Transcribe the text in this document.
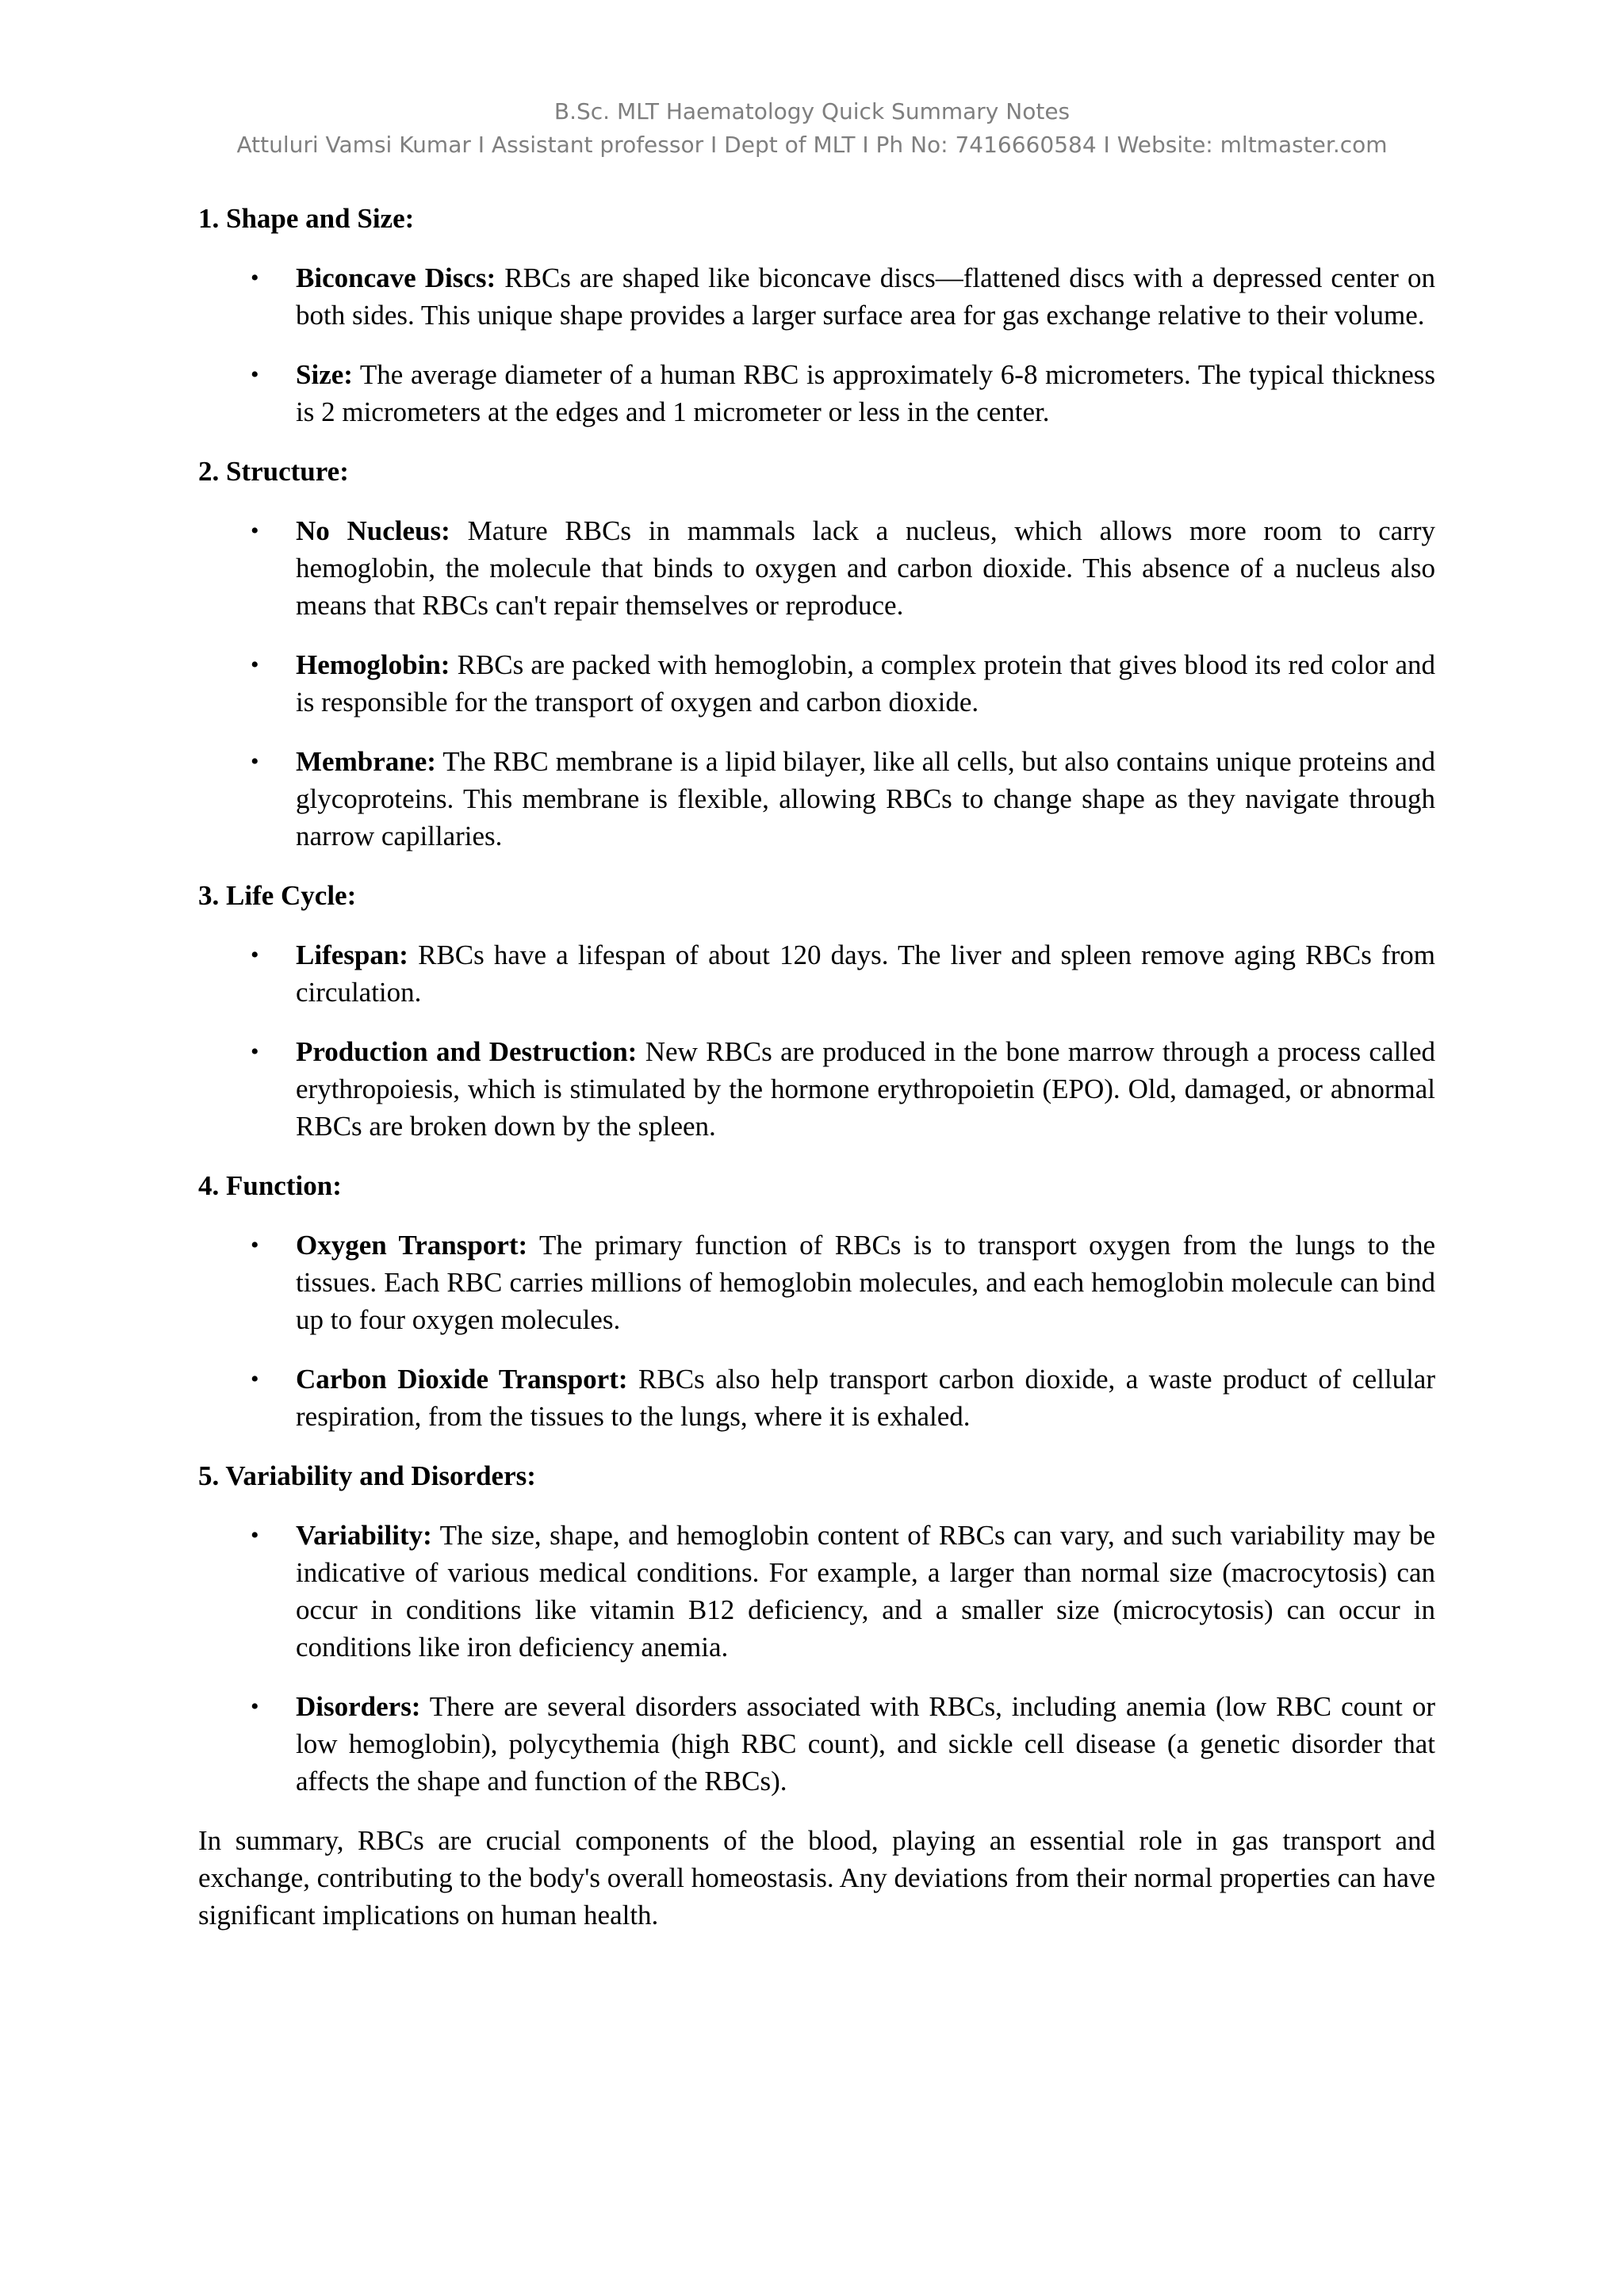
B.Sc. MLT Haematology Quick Summary Notes
Attuluri Vamsi Kumar I Assistant professor I Dept of MLT I Ph No: 7416660584 I Website: mltmaster.com
1. Shape and Size:
• Biconcave Discs: RBCs are shaped like biconcave discs—flattened discs with a depressed center on both sides. This unique shape provides a larger surface area for gas exchange relative to their volume.
• Size: The average diameter of a human RBC is approximately 6-8 micrometers. The typical thickness is 2 micrometers at the edges and 1 micrometer or less in the center.
2. Structure:
• No Nucleus: Mature RBCs in mammals lack a nucleus, which allows more room to carry hemoglobin, the molecule that binds to oxygen and carbon dioxide. This absence of a nucleus also means that RBCs can't repair themselves or reproduce.
• Hemoglobin: RBCs are packed with hemoglobin, a complex protein that gives blood its red color and is responsible for the transport of oxygen and carbon dioxide.
• Membrane: The RBC membrane is a lipid bilayer, like all cells, but also contains unique proteins and glycoproteins. This membrane is flexible, allowing RBCs to change shape as they navigate through narrow capillaries.
3. Life Cycle:
• Lifespan: RBCs have a lifespan of about 120 days. The liver and spleen remove aging RBCs from circulation.
• Production and Destruction: New RBCs are produced in the bone marrow through a process called erythropoiesis, which is stimulated by the hormone erythropoietin (EPO). Old, damaged, or abnormal RBCs are broken down by the spleen.
4. Function:
• Oxygen Transport: The primary function of RBCs is to transport oxygen from the lungs to the tissues. Each RBC carries millions of hemoglobin molecules, and each hemoglobin molecule can bind up to four oxygen molecules.
• Carbon Dioxide Transport: RBCs also help transport carbon dioxide, a waste product of cellular respiration, from the tissues to the lungs, where it is exhaled.
5. Variability and Disorders:
• Variability: The size, shape, and hemoglobin content of RBCs can vary, and such variability may be indicative of various medical conditions. For example, a larger than normal size (macrocytosis) can occur in conditions like vitamin B12 deficiency, and a smaller size (microcytosis) can occur in conditions like iron deficiency anemia.
• Disorders: There are several disorders associated with RBCs, including anemia (low RBC count or low hemoglobin), polycythemia (high RBC count), and sickle cell disease (a genetic disorder that affects the shape and function of the RBCs).

In summary, RBCs are crucial components of the blood, playing an essential role in gas transport and exchange, contributing to the body's overall homeostasis. Any deviations from their normal properties can have significant implications on human health.
